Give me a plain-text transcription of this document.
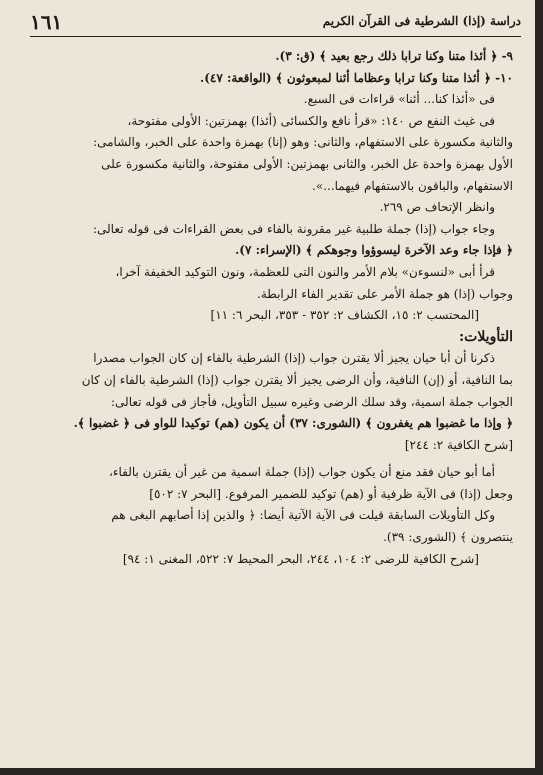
دراسة (إذا) الشرطية فى القرآن الكريم
١٦١

٩- ﴿ أئذا متنا وكنا ترابا ذلك رجع بعيد ﴾ (ق: ٣).

١٠- ﴿ أئذا متنا وكنا ترابا وعظاما أئنا لمبعوثون ﴾ (الواقعة: ٤٧).

فى «أئذا كنا... أئنا» قراءات فى السبع.

فى غيث النفع ص ١٤٠: «قرأ نافع والكسائى (أئذا) بهمزتين: الأولى مفتوحة،

والثانية مكسورة على الاستفهام، والثانى: وهو (إنا) بهمزة واحدة على الخبر، والشامى:

الأول بهمزة واحدة عل الخبر، والثانى بهمزتين: الأولى مفتوحة، والثانية مكسورة على

الاستفهام، والباقون بالاستفهام فيهما...».

وانظر الإتحاف ص ٢٦٩.

وجاء جواب (إذا) جملة طلبية غير مقرونة بالفاء فى بعض القراءات فى قوله تعالى:

﴿ فإذا جاء وعد الآخرة ليسوؤوا وجوهكم ﴾ (الإسراء: ٧).

قرأ أبى «لنسوءن» بلام الأمر والنون التى للعظمة، ونون التوكيد الخفيفة آخرا،

وجواب (إذا) هو جملة الأمر على تقدير الفاء الرابطة.

[المحتسب ٢: ١٥، الكشاف ٢: ٣٥٢ - ٣٥٣، البحر ٦: ١١]

التأويلات:

ذكرنا أن أبا حيان يجيز ألا يقترن جواب (إذا) الشرطية بالفاء إن كان الجواب مصدرا

بما النافية، أو (إن) النافية، وأن الرضى يجيز ألا يقترن جواب (إذا) الشرطية بالفاء إن كان

الجواب جملة اسمية، وقد سلك الرضى وغيره سبيل التأويل، فأجاز فى قوله تعالى:

﴿ وإذا ما غضبوا هم يغفرون ﴾ (الشورى: ٣٧) أن يكون (هم) توكيدا للواو فى ﴿ غضبوا ﴾.

[شرح الكافية ٢: ٢٤٤]

أما أبو حيان فقد منع أن يكون جواب (إذا) جملة اسمية من غير أن يقترن بالفاء،

وجعل (إذا) فى الآية ظرفية أو (هم) توكيد للضمير المرفوع. [البحر ٧: ٥٠٢]

وكل التأويلات السابقة قيلت فى الآية الآتية أيضا: ﴿ والذين إذا أصابهم البغى هم

ينتصرون ﴾ (الشورى: ٣٩).

[شرح الكافية للرضى ٢: ١٠٤، ٢٤٤، البحر المحيط ٧: ٥٢٢، المغنى ١: ٩٤]
